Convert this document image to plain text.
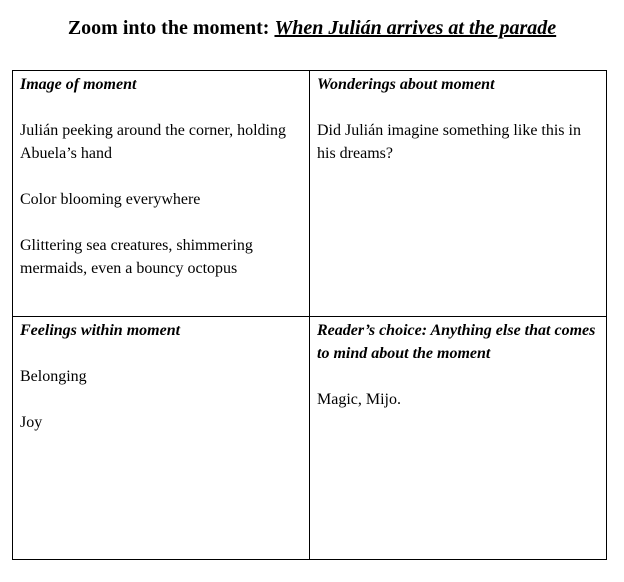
Zoom into the moment: When Julián arrives at the parade
Image of moment
Julián peeking around the corner, holding Abuela’s hand
Color blooming everywhere
Glittering sea creatures, shimmering mermaids, even a bouncy octopus
Wonderings about moment
Did Julián imagine something like this in his dreams?
Feelings within moment
Belonging
Joy
Reader’s choice: Anything else that comes to mind about the moment
Magic, Mijo.
